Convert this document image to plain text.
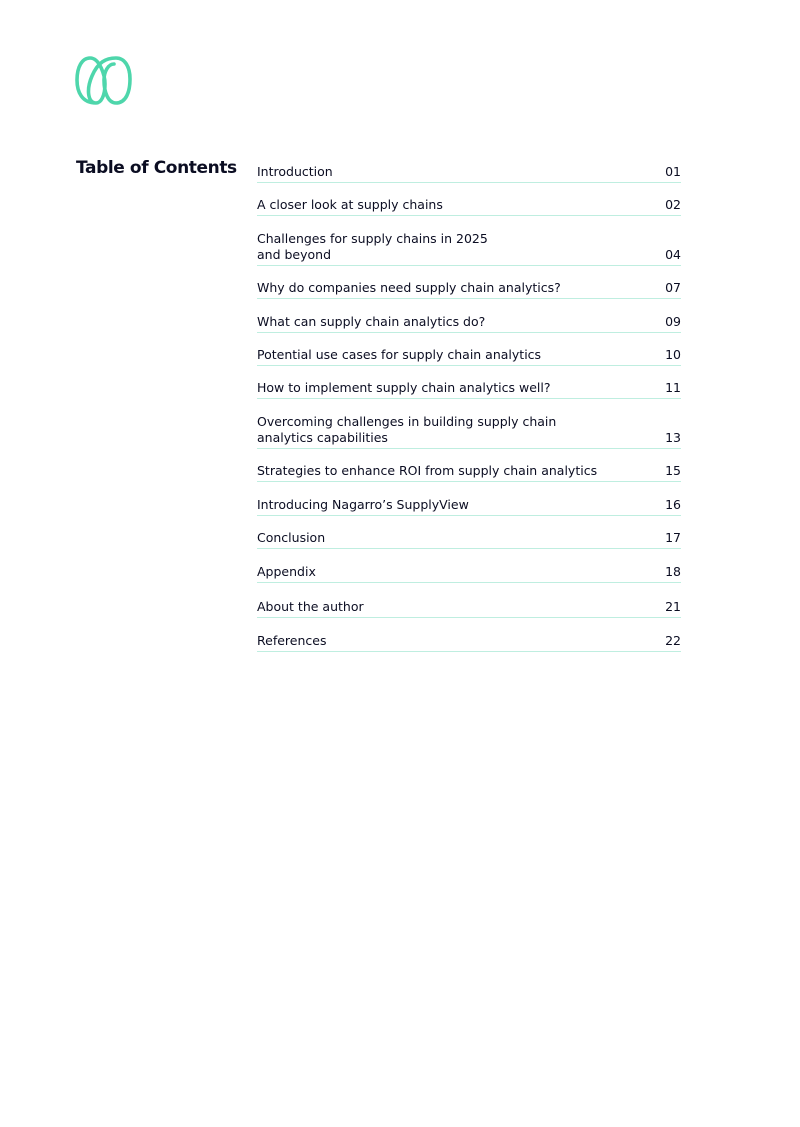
Table of Contents Introduction	01
A closer look at supply chains	02
Challenges for supply chains in 2025
and beyond	04
Why do companies need supply chain analytics?	07
What can supply chain analytics do?	09
Potential use cases for supply chain analytics	10
How to implement supply chain analytics well?	11
Overcoming challenges in building supply chain
analytics capabilities	13
Strategies to enhance ROI from supply chain analytics	15
Introducing Nagarro’s SupplyView	16
Conclusion	17
Appendix	18
About the author	21
References	22
